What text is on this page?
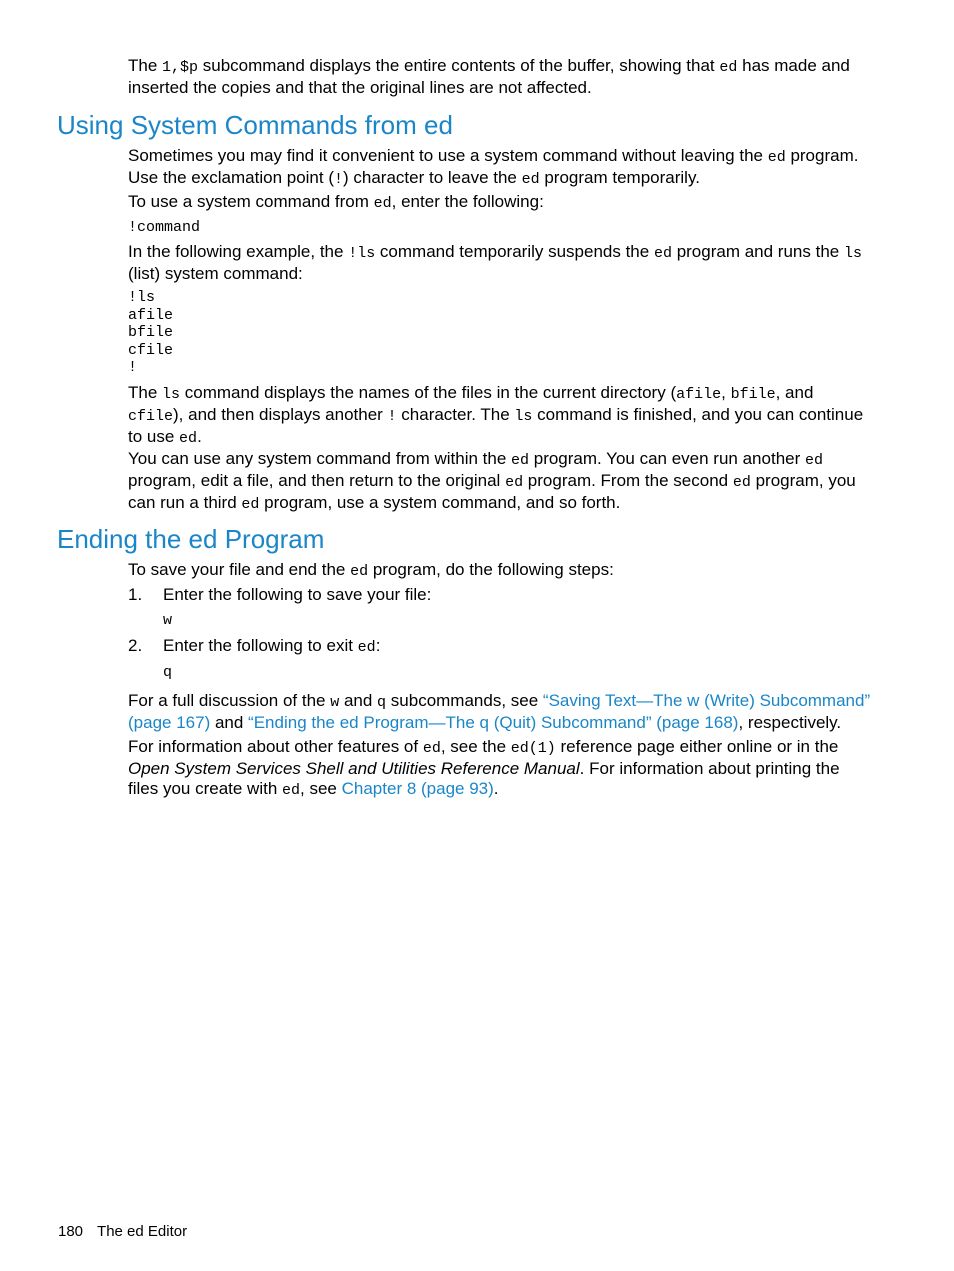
The 1,$p subcommand displays the entire contents of the buffer, showing that ed has made and inserted the copies and that the original lines are not affected.

Using System Commands from ed

Sometimes you may find it convenient to use a system command without leaving the ed program. Use the exclamation point (!) character to leave the ed program temporarily.

To use a system command from ed, enter the following:

!command

In the following example, the !ls command temporarily suspends the ed program and runs the ls (list) system command:

!ls
afile
bfile
cfile
!

The ls command displays the names of the files in the current directory (afile, bfile, and cfile), and then displays another ! character. The ls command is finished, and you can continue to use ed.

You can use any system command from within the ed program. You can even run another ed program, edit a file, and then return to the original ed program. From the second ed program, you can run a third ed program, use a system command, and so forth.

Ending the ed Program

To save your file and end the ed program, do the following steps:

1. Enter the following to save your file:
w
2. Enter the following to exit ed:
q

For a full discussion of the w and q subcommands, see “Saving Text—The w (Write) Subcommand” (page 167) and “Ending the ed Program—The q (Quit) Subcommand” (page 168), respectively.

For information about other features of ed, see the ed(1) reference page either online or in the Open System Services Shell and Utilities Reference Manual. For information about printing the files you create with ed, see Chapter 8 (page 93).

180 The ed Editor
